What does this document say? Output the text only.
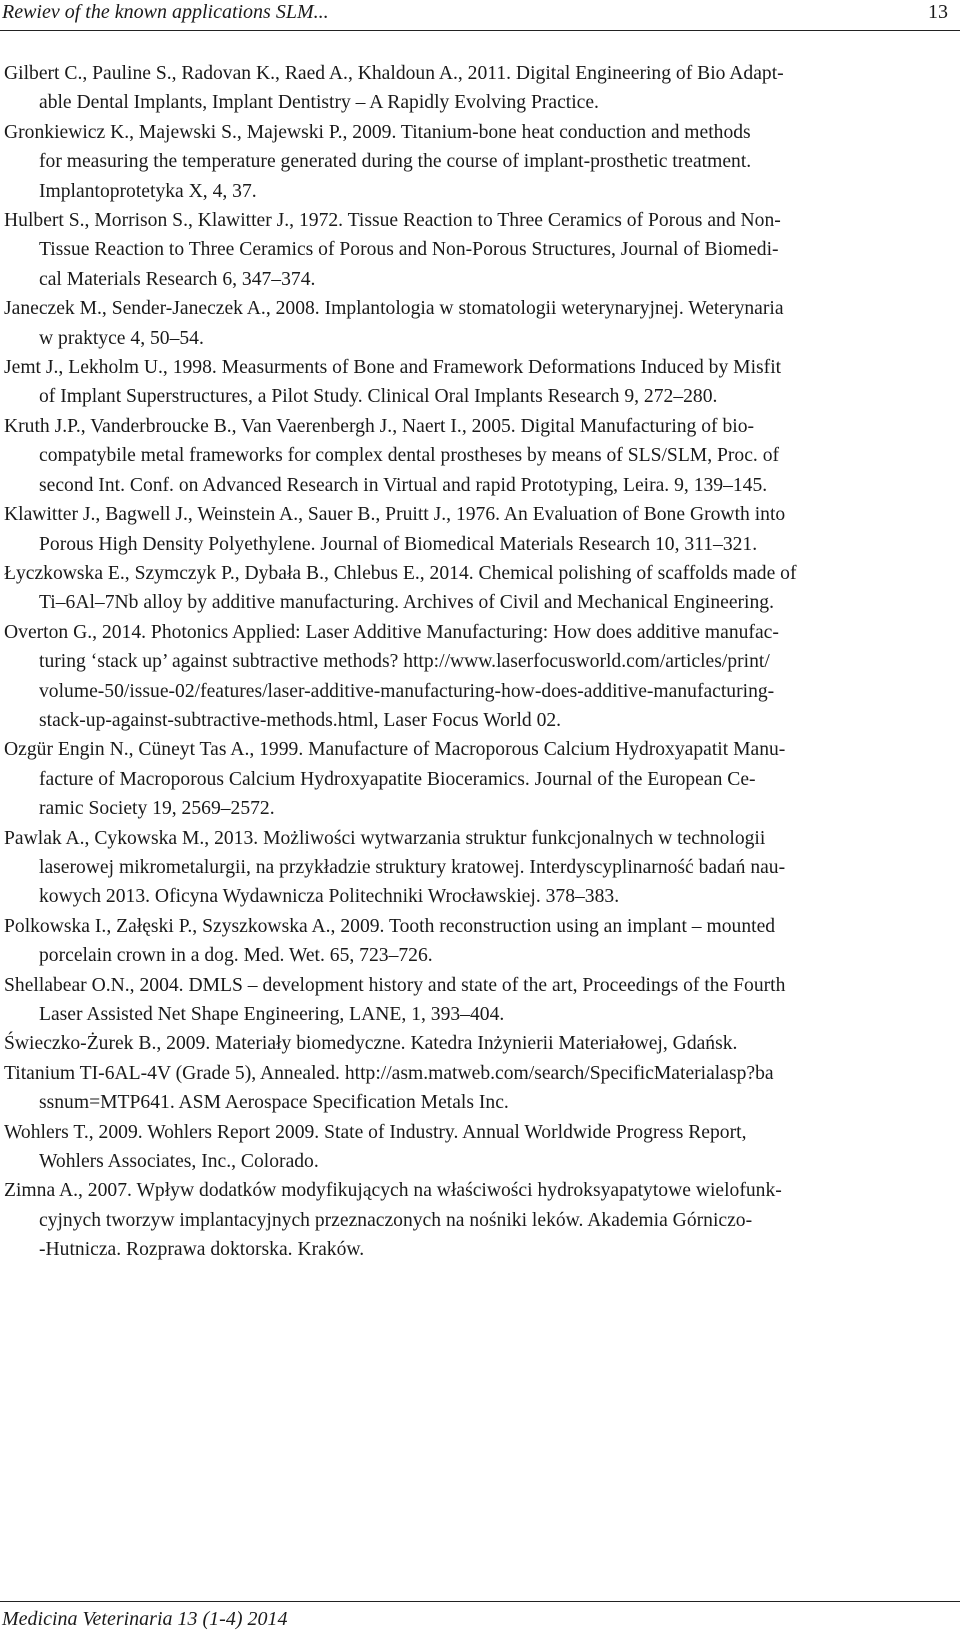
Rewiev of the known applications SLM...	13

Gilbert C., Pauline S., Radovan K., Raed A., Khaldoun A., 2011. Digital Engineering of Bio Adapt-
able Dental Implants, Implant Dentistry – A Rapidly Evolving Practice.

Gronkiewicz K., Majewski S., Majewski P., 2009. Titanium-bone heat conduction and methods
for measuring the temperature generated during the course of implant-prosthetic treatment.
Implantoprotetyka X, 4, 37.

Hulbert S., Morrison S., Klawitter J., 1972. Tissue Reaction to Three Ceramics of Porous and Non-
Tissue Reaction to Three Ceramics of Porous and Non-Porous Structures, Journal of Biomedi-
cal Materials Research 6, 347–374.

Janeczek M., Sender-Janeczek A., 2008. Implantologia w stomatologii weterynaryjnej. Weterynaria
w praktyce 4, 50–54.

Jemt J., Lekholm U., 1998. Measurments of Bone and Framework Deformations Induced by Misfit
of Implant Superstructures, a Pilot Study. Clinical Oral Implants Research 9, 272–280.

Kruth J.P., Vanderbroucke B., Van Vaerenbergh J., Naert I., 2005. Digital Manufacturing of bio-
compatybile metal frameworks for complex dental prostheses by means of SLS/SLM, Proc. of
second Int. Conf. on Advanced Research in Virtual and rapid Prototyping, Leira. 9, 139–145.

Klawitter J., Bagwell J., Weinstein A., Sauer B., Pruitt J., 1976. An Evaluation of Bone Growth into
Porous High Density Polyethylene. Journal of Biomedical Materials Research 10, 311–321.

Łyczkowska E., Szymczyk P., Dybała B., Chlebus E., 2014. Chemical polishing of scaffolds made of
Ti–6Al–7Nb alloy by additive manufacturing. Archives of Civil and Mechanical Engineering.

Overton G., 2014. Photonics Applied: Laser Additive Manufacturing: How does additive manufac-
turing ‘stack up’ against subtractive methods? http://www.laserfocusworld.com/articles/print/
volume-50/issue-02/features/laser-additive-manufacturing-how-does-additive-manufacturing-
stack-up-against-subtractive-methods.html, Laser Focus World 02.

Ozgür Engin N., Cüneyt Tas A., 1999. Manufacture of Macroporous Calcium Hydroxyapatit Manu-
facture of Macroporous Calcium Hydroxyapatite Bioceramics. Journal of the European Ce-
ramic Society 19, 2569–2572.

Pawlak A., Cykowska M., 2013. Możliwości wytwarzania struktur funkcjonalnych w technologii
laserowej mikrometalurgii, na przykładzie struktury kratowej. Interdyscyplinarność badań nau-
kowych 2013. Oficyna Wydawnicza Politechniki Wrocławskiej. 378–383.

Polkowska I., Załęski P., Szyszkowska A., 2009. Tooth reconstruction using an implant – mounted
porcelain crown in a dog. Med. Wet. 65, 723–726.

Shellabear O.N., 2004. DMLS – development history and state of the art, Proceedings of the Fourth
Laser Assisted Net Shape Engineering, LANE, 1, 393–404.

Świeczko-Żurek B., 2009. Materiały biomedyczne. Katedra Inżynierii Materiałowej, Gdańsk.

Titanium TI-6AL-4V (Grade 5), Annealed. http://asm.matweb.com/search/SpecificMaterialasp?ba
ssnum=MTP641. ASM Aerospace Specification Metals Inc.

Wohlers T., 2009. Wohlers Report 2009. State of Industry. Annual Worldwide Progress Report,
Wohlers Associates, Inc., Colorado.

Zimna A., 2007. Wpływ dodatków modyfikujących na właściwości hydroksyapatytowe wielofunk-
cyjnych tworzyw implantacyjnych przeznaczonych na nośniki leków. Akademia Górniczo-
-Hutnicza. Rozprawa doktorska. Kraków.

Medicina Veterinaria 13 (1-4) 2014
